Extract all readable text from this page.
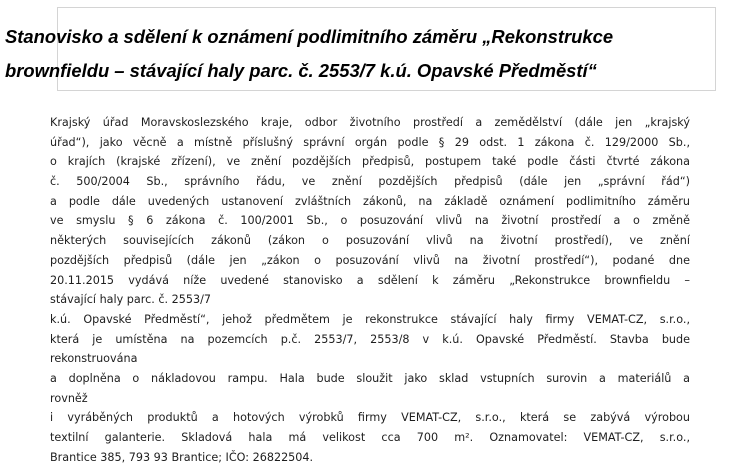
Stanovisko a sdělení k oznámení podlimitního záměru „Rekonstrukce
brownfieldu – stávající haly parc. č. 2553/7 k.ú. Opavské Předměstí“
Krajský úřad Moravskoslezského kraje, odbor životního prostředí a zemědělství (dále jen „krajský
úřad“), jako věcně a místně příslušný správní orgán podle § 29 odst. 1 zákona č. 129/2000 Sb.,
o krajích (krajské zřízení), ve znění pozdějších předpisů, postupem také podle části čtvrté zákona
č. 500/2004 Sb., správního řádu, ve znění pozdějších předpisů (dále jen „správní řád“)
a podle dále uvedených ustanovení zvláštních zákonů, na základě oznámení podlimitního záměru
ve smyslu § 6 zákona č. 100/2001 Sb., o posuzování vlivů na životní prostředí a o změně
některých souvisejících zákonů (zákon o posuzování vlivů na životní prostředí), ve znění
pozdějších předpisů (dále jen „zákon o posuzování vlivů na životní prostředí“), podané dne
20.11.2015 vydává níže uvedené stanovisko a sdělení k záměru „Rekonstrukce brownfieldu –
stávající haly parc. č. 2553/7
k.ú. Opavské Předměstí“, jehož předmětem je rekonstrukce stávající haly firmy VEMAT-CZ, s.r.o.,
která je umístěna na pozemcích p.č. 2553/7, 2553/8 v k.ú. Opavské Předměstí. Stavba bude
rekonstruována
a doplněna o nákladovou rampu. Hala bude sloužit jako sklad vstupních surovin a materiálů a
rovněž
i vyráběných produktů a hotových výrobků firmy VEMAT-CZ, s.r.o., která se zabývá výrobou
textilní galanterie. Skladová hala má velikost cca 700 m². Oznamovatel: VEMAT-CZ, s.r.o.,
Brantice 385, 793 93 Brantice; IČO: 26822504.
